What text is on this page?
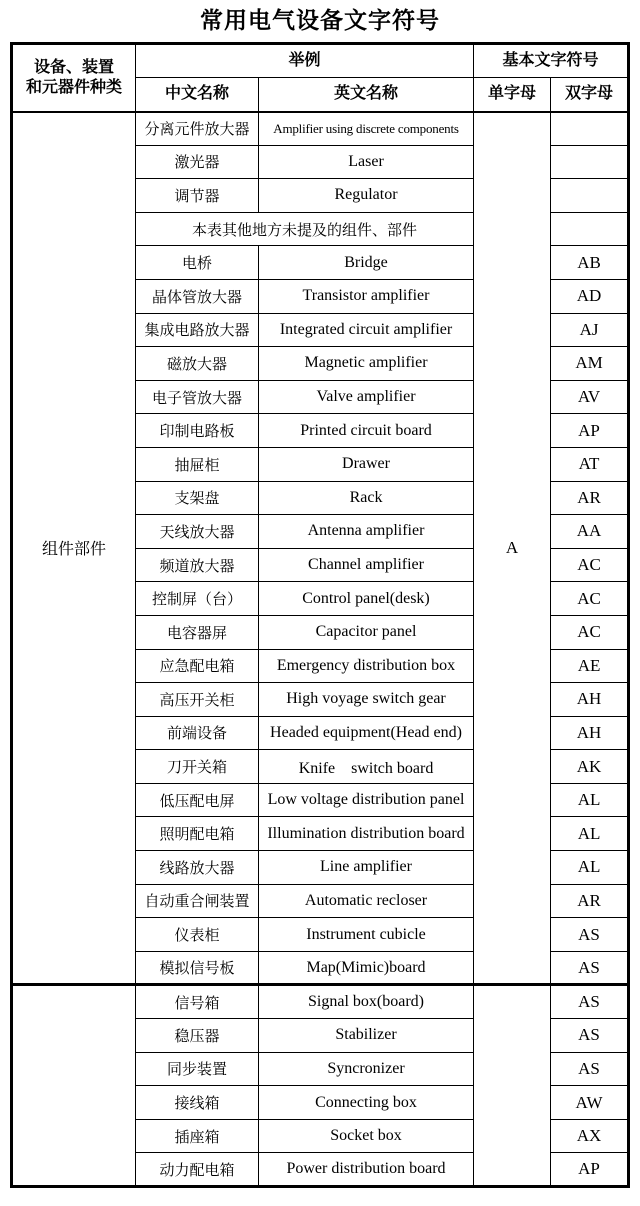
常用电气设备文字符号
设备、装置
和元器件种类	举例		基本文字符号	
	中文名称	英文名称	单字母	双字母
组件部件	分离元件放大器	Amplifier using discrete components	A	
	激光器	Laser		
	调节器	Regulator		
	本表其他地方未提及的组件、部件			
	电桥	Bridge		AB
	晶体管放大器	Transistor amplifier		AD
	集成电路放大器	Integrated circuit amplifier		AJ
	磁放大器	Magnetic amplifier		AM
	电子管放大器	Valve amplifier		AV
	印制电路板	Printed circuit board		AP
	抽屉柜	Drawer		AT
	支架盘	Rack		AR
	天线放大器	Antenna amplifier		AA
	频道放大器	Channel amplifier		AC
	控制屏（台）	Control panel(desk)		AC
	电容器屏	Capacitor panel		AC
	应急配电箱	Emergency distribution box		AE
	高压开关柜	High voyage switch gear		AH
	前端设备	Headed equipment(Head end)		AH
	刀开关箱	Knife　switch board		AK
	低压配电屏	Low voltage distribution panel		AL
	照明配电箱	Illumination distribution board		AL
	线路放大器	Line amplifier		AL
	自动重合闸装置	Automatic recloser		AR
	仪表柜	Instrument cubicle		AS
	模拟信号板	Map(Mimic)board		AS
	信号箱	Signal box(board)		AS
	稳压器	Stabilizer		AS
	同步装置	Syncronizer		AS
	接线箱	Connecting box		AW
	插座箱	Socket box		AX
	动力配电箱	Power distribution board		AP
